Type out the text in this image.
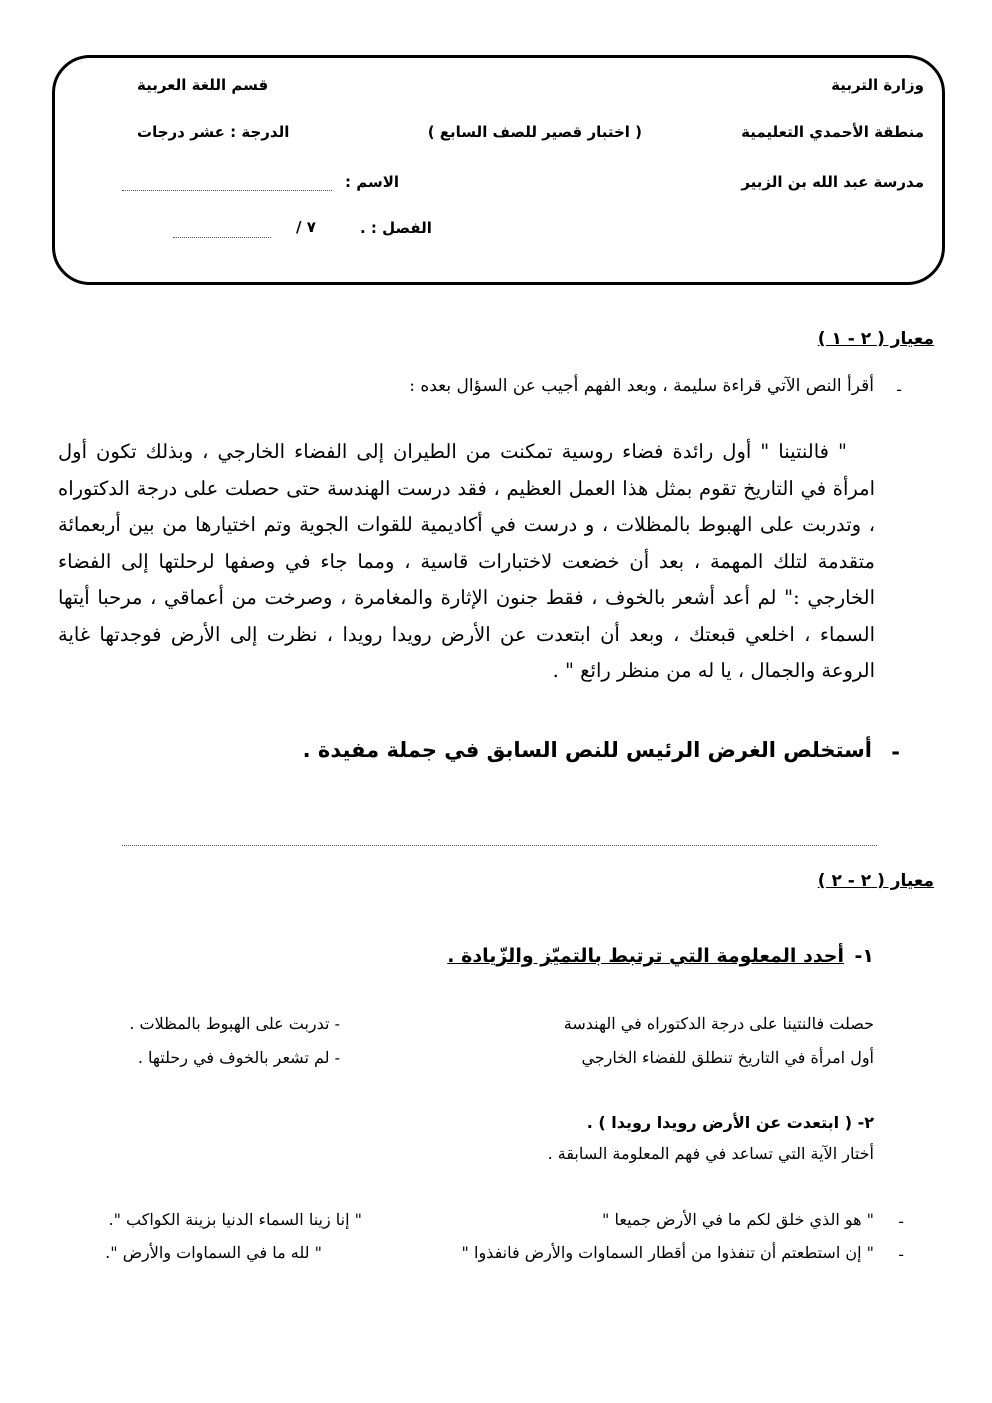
وزارة التربية
منطقة الأحمدي التعليمية
مدرسة عبد الله بن الزبير
( اختبار قصير للصف السابع )
قسم اللغة العربية
الدرجة : عشر درجات
الاسم :
الفصل : .
٧ /
معيار ( ٢ - ١ )
-
أقرأ النص الآتي قراءة سليمة ، وبعد الفهم أجيب عن السؤال بعده :
" فالنتينا " أول رائدة فضاء روسية تمكنت من الطيران إلى الفضاء الخارجي ، وبذلك تكون أول امرأة في التاريخ تقوم بمثل هذا العمل العظيم ، فقد درست الهندسة حتى حصلت على درجة الدكتوراه ، وتدربت على الهبوط بالمظلات ، و درست في أكاديمية للقوات الجوية وتم اختيارها من بين أربعمائة متقدمة لتلك المهمة ، بعد أن خضعت لاختبارات قاسية ، ومما جاء في وصفها لرحلتها إلى الفضاء الخارجي :" لم أعد أشعر بالخوف ، فقط جنون الإثارة والمغامرة ، وصرخت من أعماقي ، مرحبا أيتها السماء ، اخلعي قبعتك ، وبعد أن ابتعدت عن الأرض رويدا رويدا ، نظرت إلى الأرض فوجدتها غاية الروعة والجمال ، يا له من منظر رائع " .
-
أستخلص الغرض الرئيس للنص السابق في جملة مفيدة .
معيار ( ٢ - ٢ )
١-
أحدد المعلومة التي ترتبط بالتميّز والزّيادة .
حصلت فالنتينا على درجة الدكتوراه في الهندسة
أول امرأة في التاريخ تنطلق للفضاء الخارجي
- تدربت على الهبوط بالمظلات .
- لم تشعر بالخوف في رحلتها .
٢- ( ابتعدت عن الأرض رويدا رويدا ) .
أختار الآية التي تساعد في فهم المعلومة السابقة .
-
" هو الذي خلق لكم ما في الأرض جميعا "
-
" إن استطعتم أن تنفذوا من أقطار السماوات والأرض فانفذوا "
" إنا زينا السماء الدنيا بزينة الكواكب ".
" لله ما في السماوات والأرض ".
